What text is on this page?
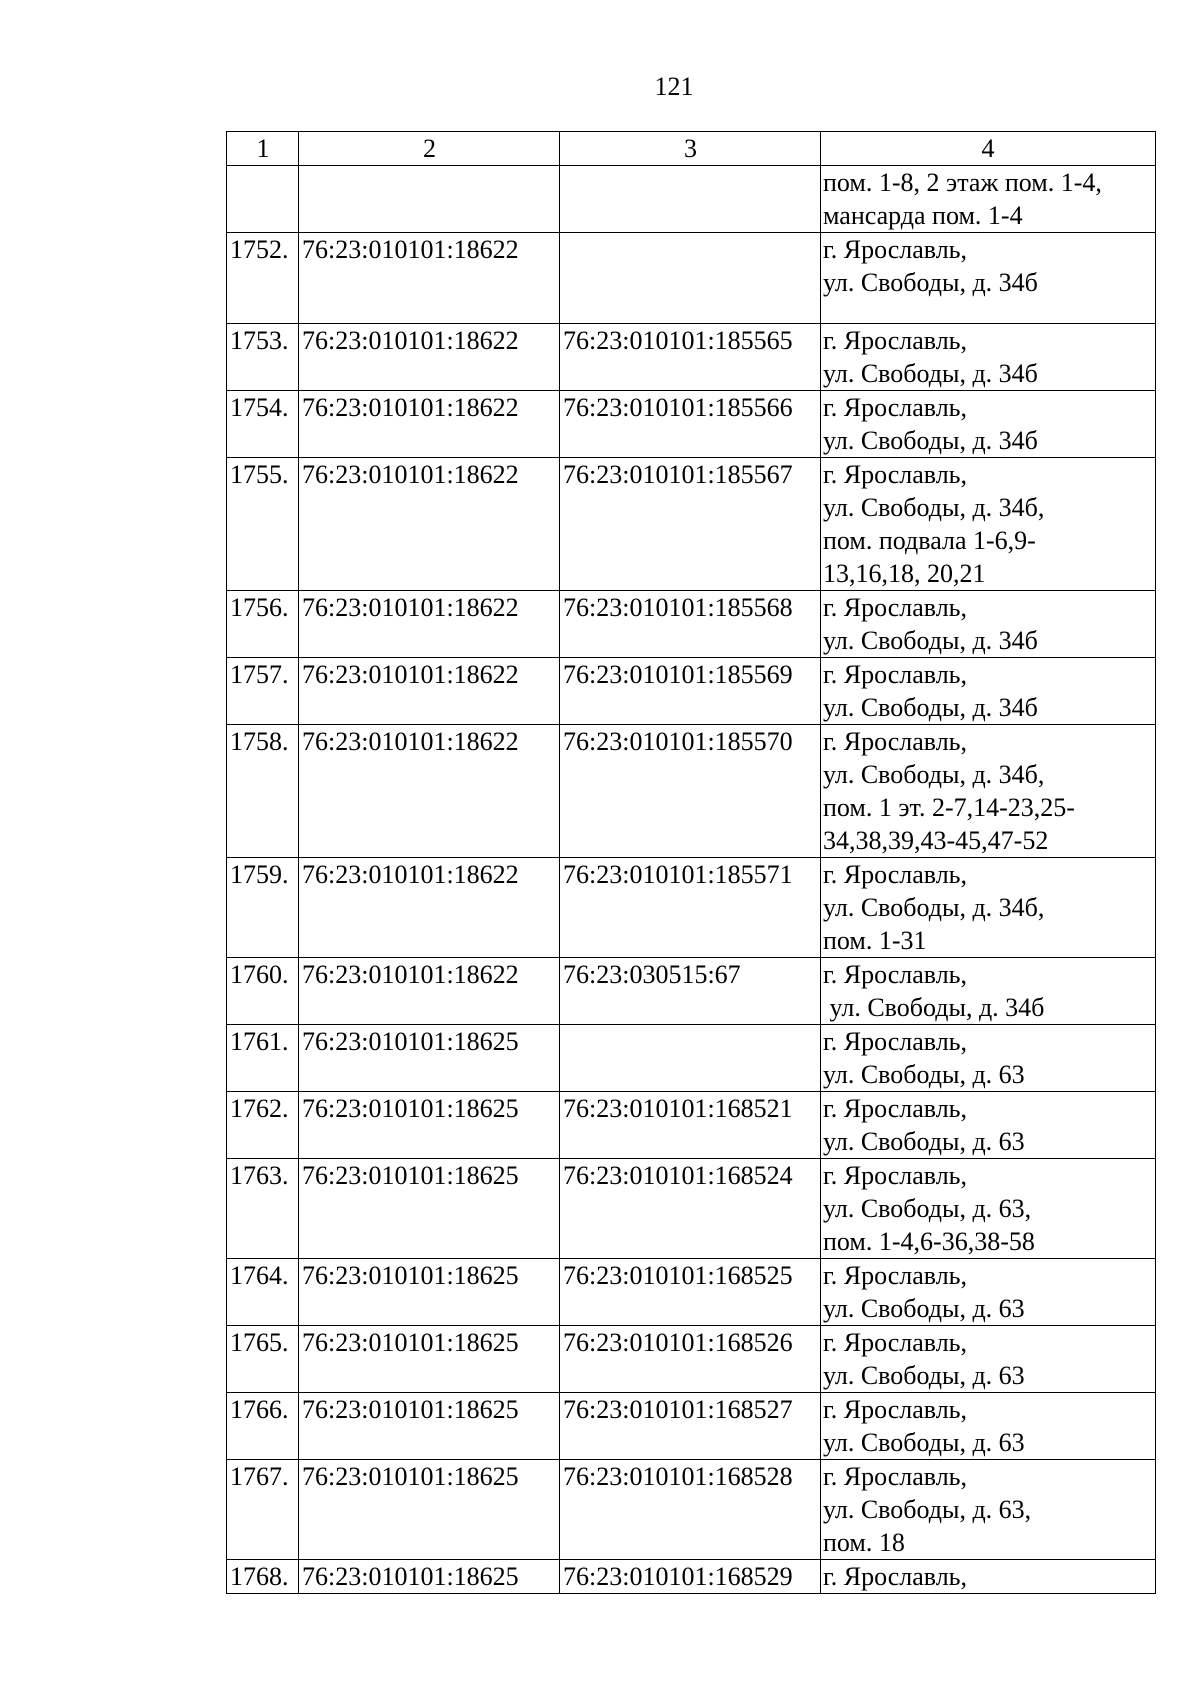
121
1	2	3	4

			пом. 1-8, 2 этаж пом. 1-4,
мансарда пом. 1-4

1752.	76:23:010101:18622		г. Ярославль,
ул. Свободы, д. 34б

1753.	76:23:010101:18622	76:23:010101:185565	г. Ярославль,
ул. Свободы, д. 34б

1754.	76:23:010101:18622	76:23:010101:185566	г. Ярославль,
ул. Свободы, д. 34б

1755.	76:23:010101:18622	76:23:010101:185567	г. Ярославль,
ул. Свободы, д. 34б,
пом. подвала 1-6,9-
13,16,18, 20,21

1756.	76:23:010101:18622	76:23:010101:185568	г. Ярославль,
ул. Свободы, д. 34б

1757.	76:23:010101:18622	76:23:010101:185569	г. Ярославль,
ул. Свободы, д. 34б

1758.	76:23:010101:18622	76:23:010101:185570	г. Ярославль,
ул. Свободы, д. 34б,
пом. 1 эт. 2-7,14-23,25-
34,38,39,43-45,47-52

1759.	76:23:010101:18622	76:23:010101:185571	г. Ярославль,
ул. Свободы, д. 34б,
пом. 1-31

1760.	76:23:010101:18622	76:23:030515:67	г. Ярославль,
ул. Свободы, д. 34б

1761.	76:23:010101:18625		г. Ярославль,
ул. Свободы, д. 63

1762.	76:23:010101:18625	76:23:010101:168521	г. Ярославль,
ул. Свободы, д. 63

1763.	76:23:010101:18625	76:23:010101:168524	г. Ярославль,
ул. Свободы, д. 63,
пом. 1-4,6-36,38-58

1764.	76:23:010101:18625	76:23:010101:168525	г. Ярославль,
ул. Свободы, д. 63

1765.	76:23:010101:18625	76:23:010101:168526	г. Ярославль,
ул. Свободы, д. 63

1766.	76:23:010101:18625	76:23:010101:168527	г. Ярославль,
ул. Свободы, д. 63

1767.	76:23:010101:18625	76:23:010101:168528	г. Ярославль,
ул. Свободы, д. 63,
пом. 18

1768.	76:23:010101:18625	76:23:010101:168529	г. Ярославль,
